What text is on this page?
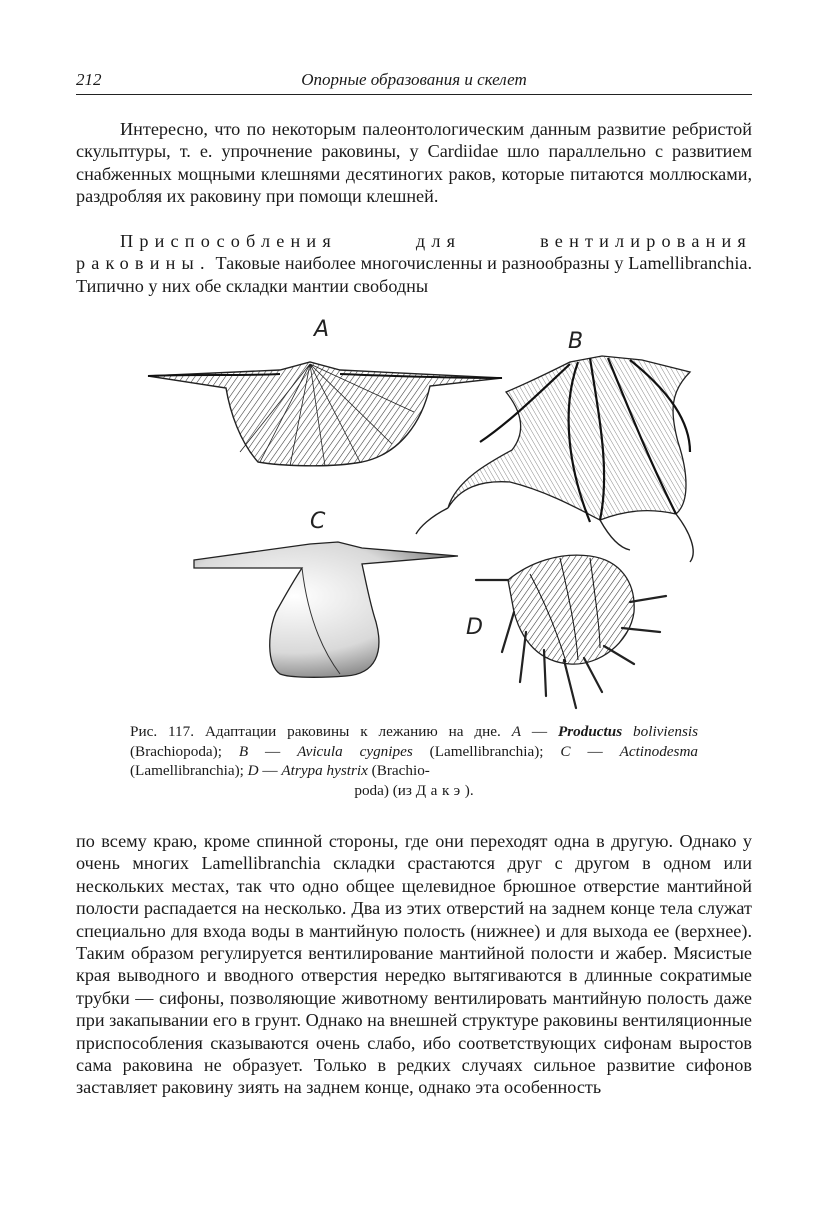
212	Опорные образования и скелет

Интересно, что по некоторым палеонтологическим данным развитие ребристой скульптуры, т. е. упрочнение раковины, у Cardiidae шло параллельно с развитием снабженных мощными клешнями десятиногих раков, которые питаются моллюсками, раздробляя их раковину при помощи клешней.

Приспособления для вентилирования раковины. Таковые наиболее многочисленны и разнообразны у Lamellibranchia. Типично у них обе складки мантии свободны

A	B
C
D

Рис. 117. Адаптации раковины к лежанию на дне. A — Productus boliviensis (Brachiopoda); B — Avicula cygnipes (Lamellibranchia); C — Actinodesma (Lamellibranchia); D — Atrypa hystrix (Brachio-
poda) (из Дакэ).

по всему краю, кроме спинной стороны, где они переходят одна в другую. Однако у очень многих Lamellibranchia складки срастаются друг с другом в одном или нескольких местах, так что одно общее щелевидное брюшное отверстие мантийной полости распадается на несколько. Два из этих отверстий на заднем конце тела служат специально для входа воды в мантийную полость (нижнее) и для выхода ее (верхнее). Таким образом регулируется вентилирование мантийной полости и жабер. Мясистые края выводного и вводного отверстия нередко вытягиваются в длинные сократимые трубки — сифоны, позволяющие животному вентилировать мантийную полость даже при закапывании его в грунт. Однако на внешней структуре раковины вентиляционные приспособления сказываются очень слабо, ибо соответствующих сифонам выростов сама раковина не образует. Только в редких случаях сильное развитие сифонов заставляет раковину зиять на заднем конце, однако эта особенность
